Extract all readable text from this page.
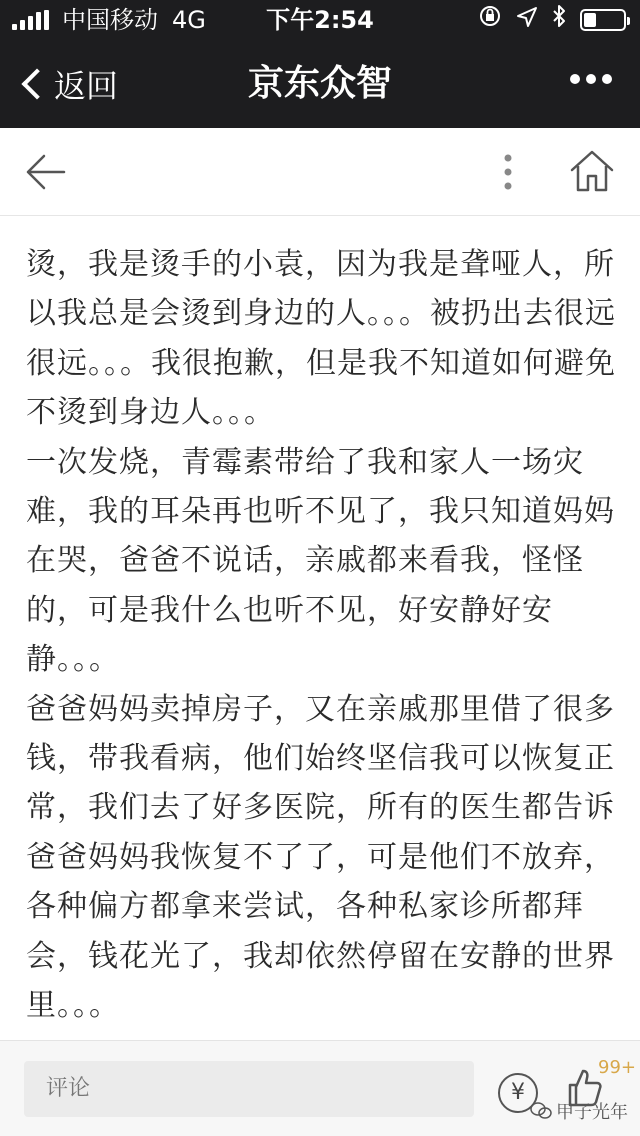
中国移动 4G	下午2:54
京东众智
返回

烫，我是烫手的小袁，因为我是聋哑人，所以我总是会烫到身边的人。。。被扔出去很远很远。。。我很抱歉，但是我不知道如何避免不烫到身边人。。。

一次发烧，青霉素带给了我和家人一场灾难，我的耳朵再也听不见了，我只知道妈妈在哭，爸爸不说话，亲戚都来看我，怪怪的，可是我什么也听不见，好安静好安静。。。

爸爸妈妈卖掉房子，又在亲戚那里借了很多钱，带我看病，他们始终坚信我可以恢复正常，我们去了好多医院，所有的医生都告诉爸爸妈妈我恢复不了了，可是他们不放弃，各种偏方都拿来尝试，各种私家诊所都拜会，钱花光了，我却依然停留在安静的世界里。。。

评论
¥
99+
甲子光年
